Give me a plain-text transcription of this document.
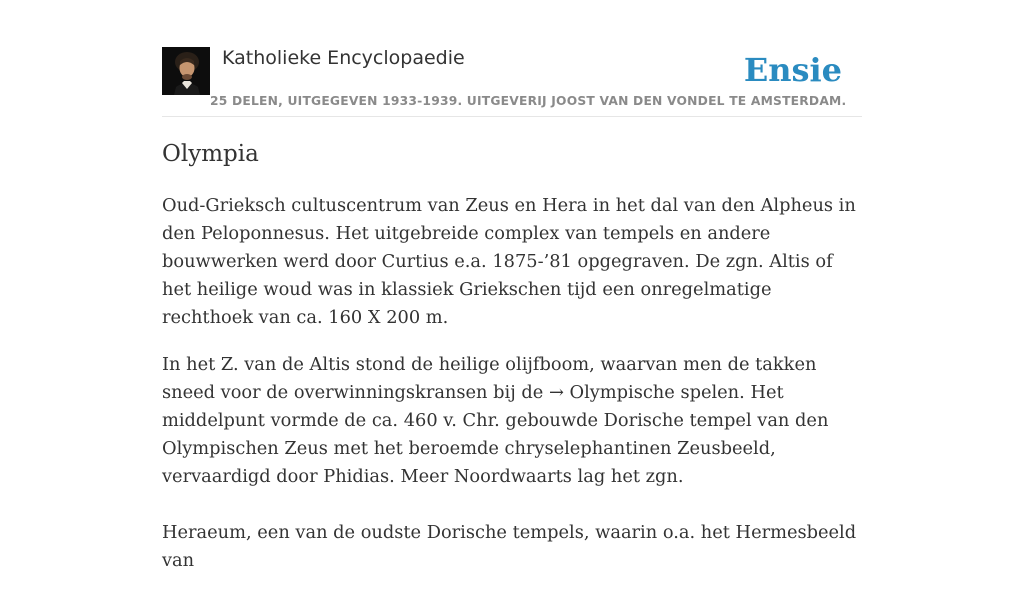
Katholieke Encyclopaedie
25 DELEN, UITGEGEVEN 1933-1939. UITGEVERIJ JOOST VAN DEN VONDEL TE AMSTERDAM.
Ensie
Olympia

Oud-Grieksch cultuscentrum van Zeus en Hera in het dal van den Alpheus in den Peloponnesus. Het uitgebreide complex van tempels en andere bouwwerken werd door Curtius e.a. 1875-’81 opgegraven. De zgn. Altis of het heilige woud was in klassiek Griekschen tijd een onregelmatige rechthoek van ca. 160 X 200 m.

In het Z. van de Altis stond de heilige olijfboom, waarvan men de takken sneed voor de overwinningskransen bij de → Olympische spelen. Het middelpunt vormde de ca. 460 v. Chr. gebouwde Dorische tempel van den Olympischen Zeus met het beroemde chryselephantinen Zeusbeeld, vervaardigd door Phidias. Meer Noordwaarts lag het zgn.

Heraeum, een van de oudste Dorische tempels, waarin o.a. het Hermesbeeld van
